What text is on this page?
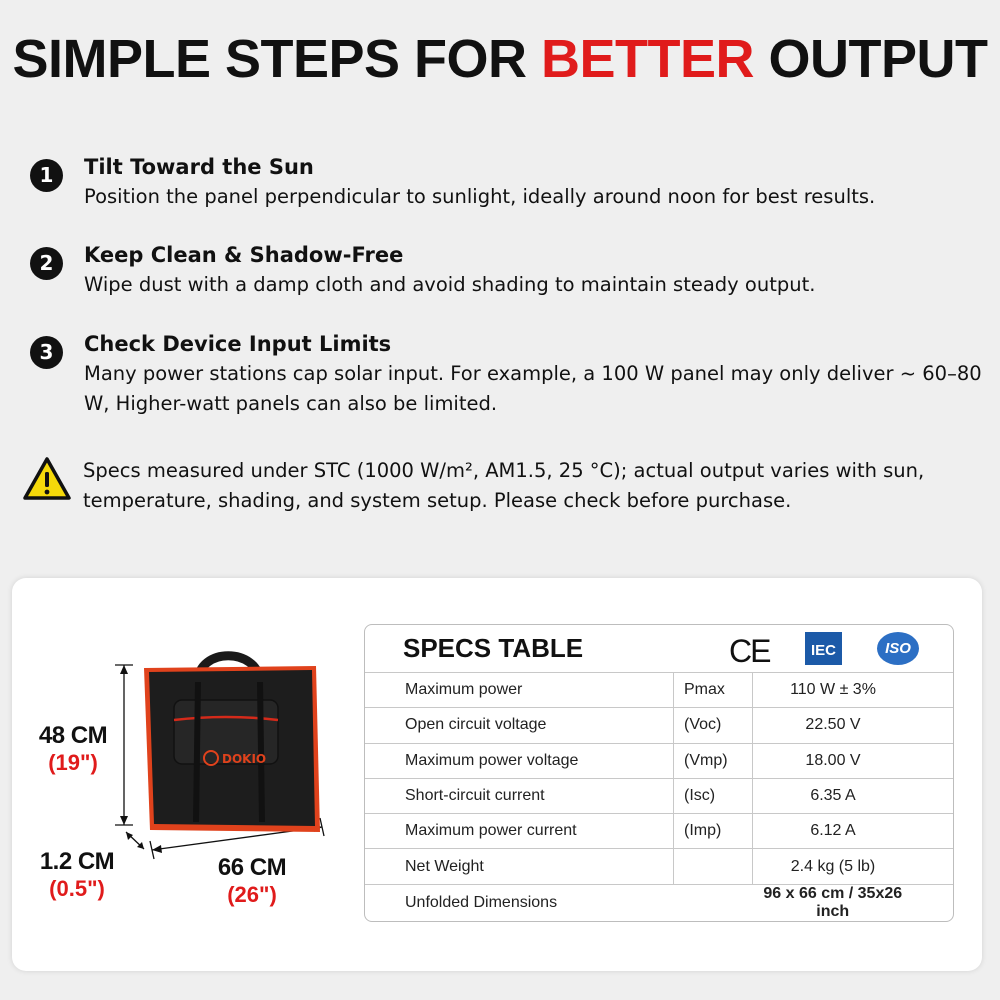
SIMPLE STEPS FOR BETTER OUTPUT
1	Tilt Toward the Sun
Position the panel perpendicular to sunlight, ideally around noon for best results.
2	Keep Clean & Shadow-Free
Wipe dust with a damp cloth and avoid shading to maintain steady output.
3	Check Device Input Limits
Many power stations cap solar input. For example, a 100 W panel may only deliver ~ 60–80 W, Higher-watt panels can also be limited.
Specs measured under STC (1000 W/m², AM1.5, 25 °C); actual output varies with sun, temperature, shading, and system setup. Please check before purchase.
DOKIO
48 CM
(19")
1.2 CM
(0.5")
66 CM
(26")
SPECS TABLE	CE	IEC	ISO
Maximum power	Pmax	110 W ± 3%
Open circuit voltage	(Voc)	22.50 V
Maximum power voltage	(Vmp)	18.00 V
Short-circuit current	(Isc)	6.35 A
Maximum power current	(Imp)	6.12 A
Net Weight		2.4 kg (5 lb)
Unfolded Dimensions		96 x 66 cm / 35x26 inch
